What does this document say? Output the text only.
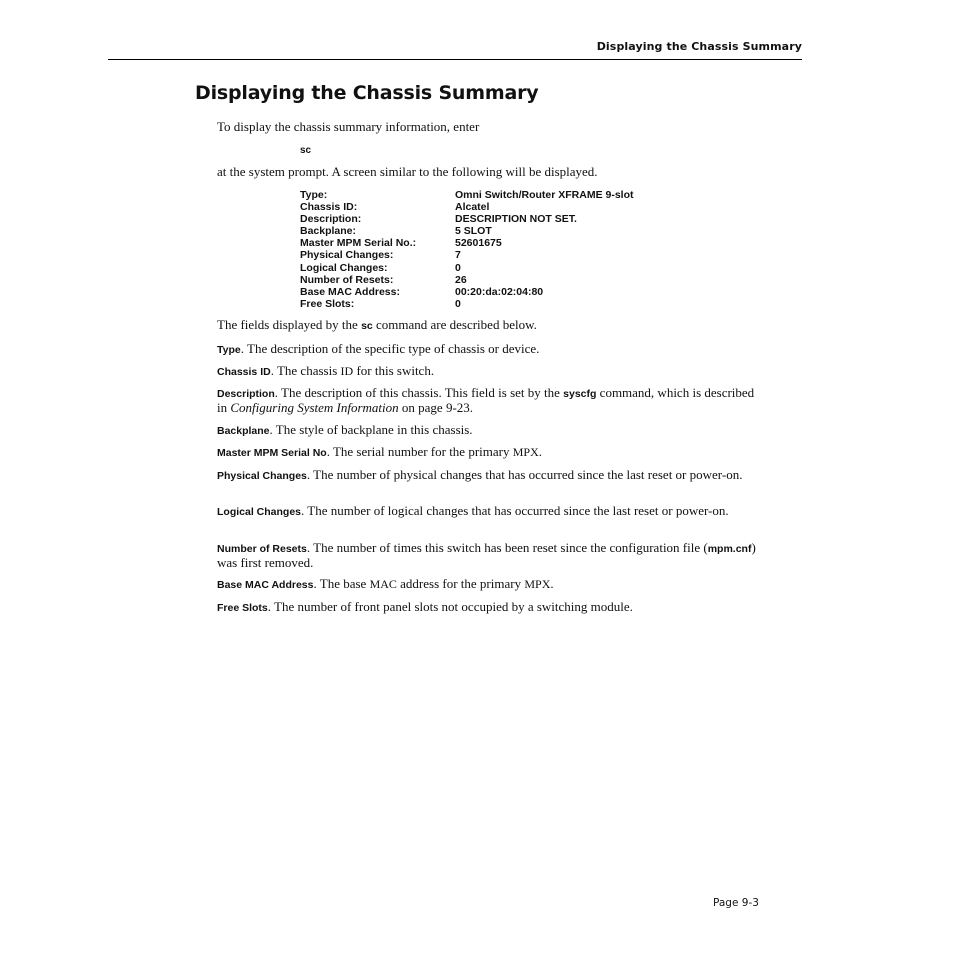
Displaying the Chassis Summary
Displaying the Chassis Summary

To display the chassis summary information, enter

sc

at the system prompt. A screen similar to the following will be displayed.

Type:	Omni Switch/Router XFRAME 9-slot
Chassis ID:	Alcatel
Description:	DESCRIPTION NOT SET.
Backplane:	5 SLOT
Master MPM Serial No.:	52601675
Physical Changes:	7
Logical Changes:	0
Number of Resets:	26
Base MAC Address:	00:20:da:02:04:80
Free Slots:	0

The fields displayed by the sc command are described below.

Type. The description of the specific type of chassis or device.

Chassis ID. The chassis ID for this switch.

Description. The description of this chassis. This field is set by the syscfg command, which is described in Configuring System Information on page 9-23.

Backplane. The style of backplane in this chassis.

Master MPM Serial No. The serial number for the primary MPX.

Physical Changes. The number of physical changes that has occurred since the last reset or power-on.

Logical Changes. The number of logical changes that has occurred since the last reset or power-on.

Number of Resets. The number of times this switch has been reset since the configuration file (mpm.cnf) was first removed.

Base MAC Address. The base MAC address for the primary MPX.

Free Slots. The number of front panel slots not occupied by a switching module.

Page 9-3
